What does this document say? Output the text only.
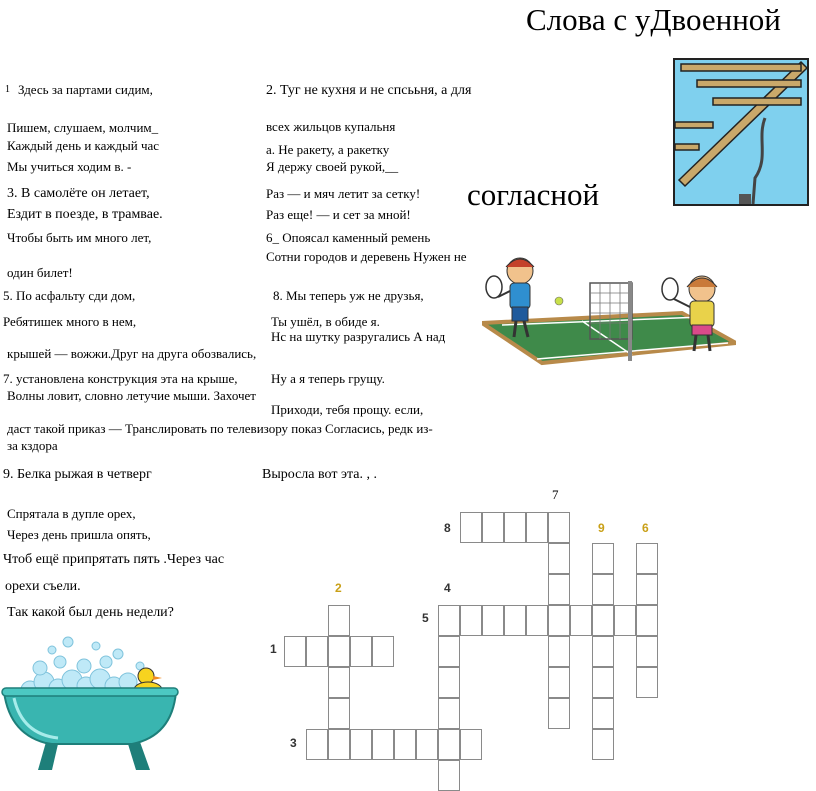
Слова с уДвоенной
согласной
1 Здесь за партами сидим,
Пишем, слушаем, молчим_
Каждый день и каждый час
Мы учиться ходим в. -
2. Туг не кухня и не спсььня, а для
всех жильцов купальня
а. Не ракету, а ракетку
Я держу своей рукой,__
3. В самолёте он летает,
Ездит в поезде, в трамвае.
Чтобы быть им много лет,
один билет!
Раз — и мяч летит за сетку!
Раз еще! — и сет за мной!
6_ Опоясал каменный ремень
Сотни городов и деревень Нужен не
5. По асфальту сди дом,
Ребятишек много в нем,
крышей — вожжи.Друг на друга обозвались,
8. Мы теперь уж не друзья,
Ты ушёл, в обиде я.
Нс на шутку разругались А над
7. установлена конструкция эта на крыше,
Волны ловит, словно летучие мыши. Захочет
даст такой приказ — Транслировать по телевизору показ Согласись, редк из-
за кздора
Ну а я теперь грущу.
Приходи, тебя прощу. если,
9. Белка рыжая в четверг	Выросла вот эта. , .
Спрятала в дупле орех,
Через день пришла опять,
Чтоб ещё припрятать пять .Через час
орехи съели.
Так какой был день недели?
7
8	9	6
2	4
5
1
3
